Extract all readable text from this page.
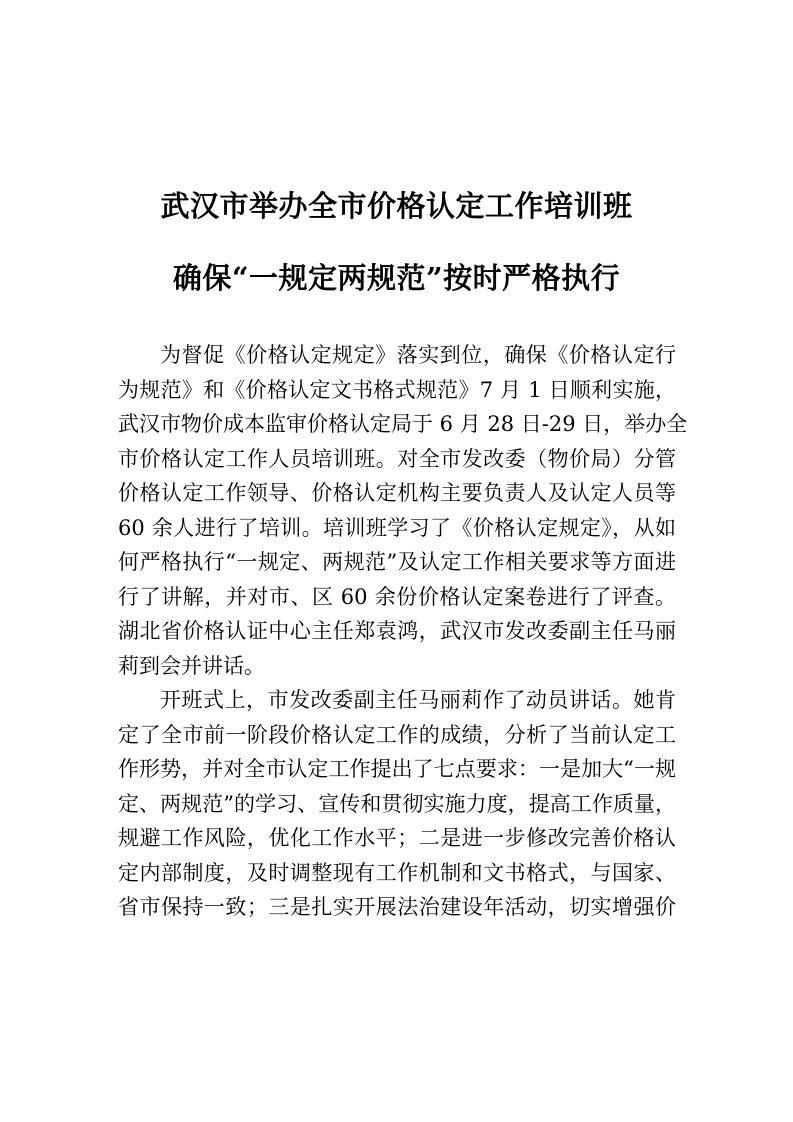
武汉市举办全市价格认定工作培训班

确保“一规定两规范”按时严格执行

为督促《价格认定规定》落实到位，确保《价格认定行
为规范》和《价格认定文书格式规范》7 月 1 日顺利实施，
武汉市物价成本监审价格认定局于 6 月 28 日-29 日，举办全
市价格认定工作人员培训班。对全市发改委（物价局）分管
价格认定工作领导、价格认定机构主要负责人及认定人员等
60 余人进行了培训。培训班学习了《价格认定规定》，从如
何严格执行“一规定、两规范”及认定工作相关要求等方面进
行了讲解，并对市、区 60 余份价格认定案卷进行了评查。
湖北省价格认证中心主任郑袁鸿，武汉市发改委副主任马丽
莉到会并讲话。
开班式上，市发改委副主任马丽莉作了动员讲话。她肯
定了全市前一阶段价格认定工作的成绩，分析了当前认定工
作形势，并对全市认定工作提出了七点要求：一是加大“一规
定、两规范”的学习、宣传和贯彻实施力度，提高工作质量，
规避工作风险，优化工作水平；二是进一步修改完善价格认
定内部制度，及时调整现有工作机制和文书格式，与国家、
省市保持一致；三是扎实开展法治建设年活动，切实增强价
